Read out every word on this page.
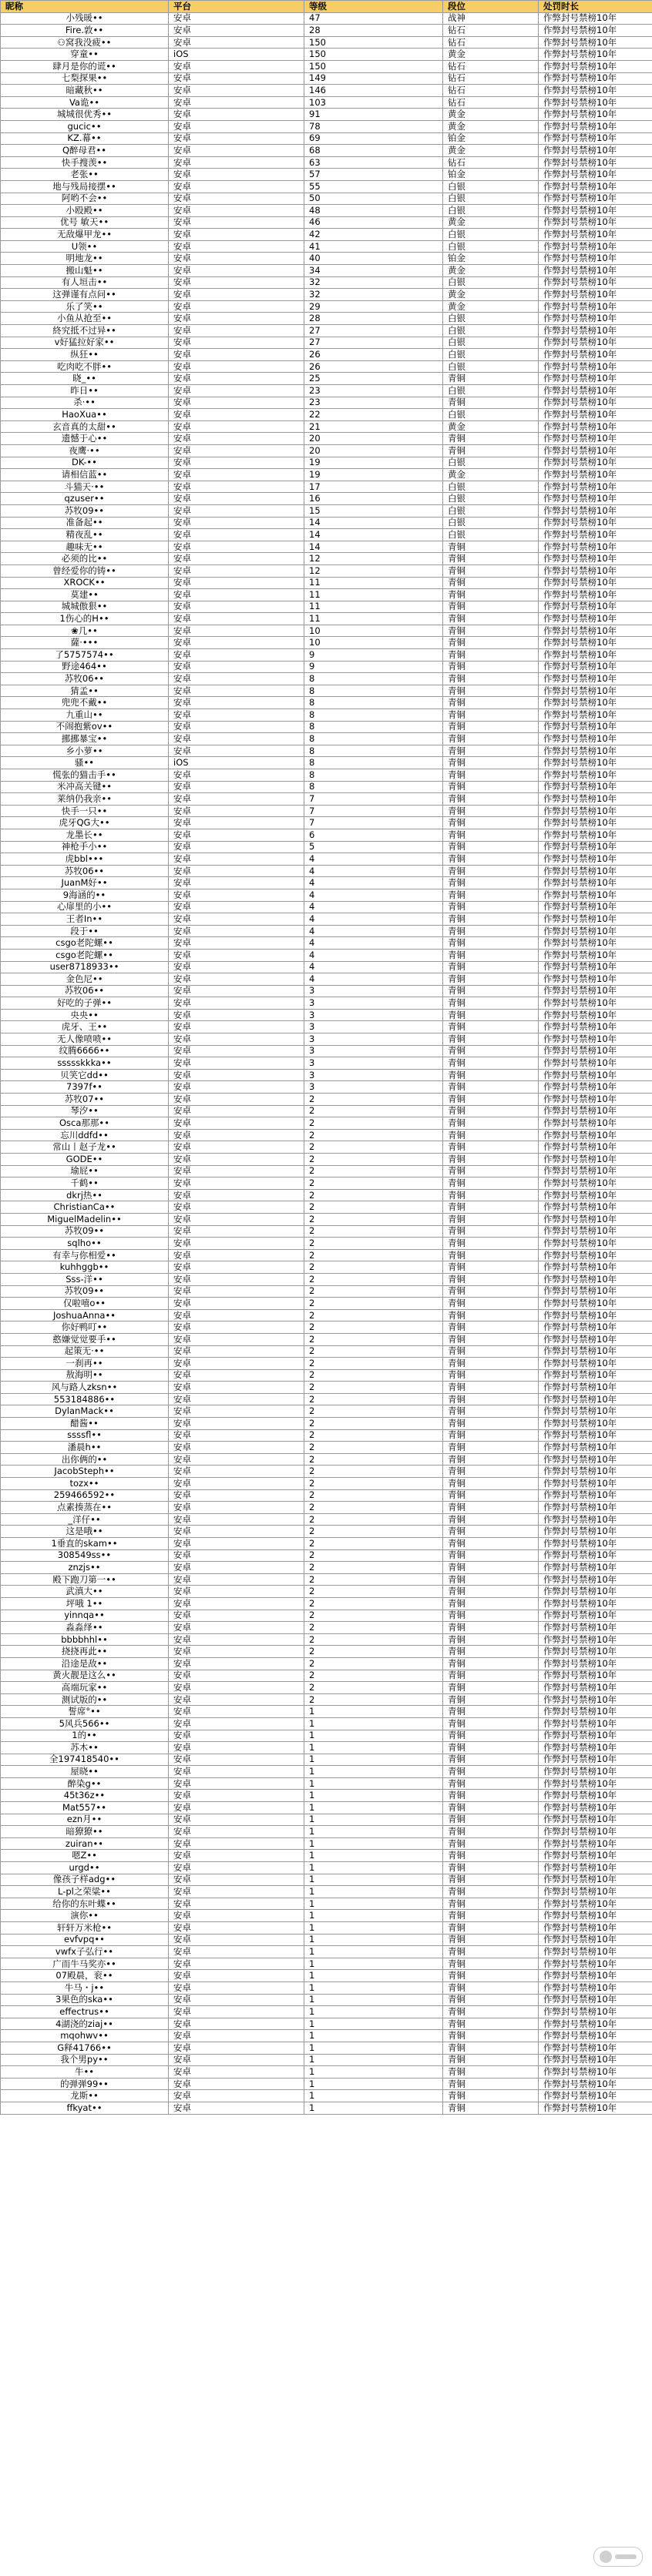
昵称	平台	等级	段位	处罚时长
小残暖••	安卓	47	战神	作弊封号禁榜10年
Fire.敦••	安卓	28	钻石	作弊封号禁榜10年
⚇窝我没疲••	安卓	150	钻石	作弊封号禁榜10年
穿童••	iOS	150	黄金	作弊封号禁榜10年
肆月是你的谎••	安卓	150	钻石	作弊封号禁榜10年
七梨探果••	安卓	149	钻石	作弊封号禁榜10年
暗藏秋••	安卓	146	钻石	作弊封号禁榜10年
Va诡••	安卓	103	钻石	作弊封号禁榜10年
城城很优秀••	安卓	91	黄金	作弊封号禁榜10年
gucic••	安卓	78	黄金	作弊封号禁榜10年
KZ.幕••	安卓	69	铂金	作弊封号禁榜10年
Q醉母君••	安卓	68	黄金	作弊封号禁榜10年
快手搜羡••	安卓	63	钻石	作弊封号禁榜10年
老张••	安卓	57	铂金	作弊封号禁榜10年
地与残局接摆••	安卓	55	白银	作弊封号禁榜10年
阿哟不会••	安卓	50	白银	作弊封号禁榜10年
小殴殿••	安卓	48	白银	作弊封号禁榜10年
优号 敏天••	安卓	46	黄金	作弊封号禁榜10年
无敌爆甲龙••	安卓	42	白银	作弊封号禁榜10年
U领••	安卓	41	白银	作弊封号禁榜10年
明地龙••	安卓	40	铂金	作弊封号禁榜10年
搬山魁••	安卓	34	黄金	作弊封号禁榜10年
有人垣击••	安卓	32	白银	作弊封号禁榜10年
这弹谨有点问••	安卓	32	黄金	作弊封号禁榜10年
乐了笑••	安卓	29	黄金	作弊封号禁榜10年
小鱼从抢至••	安卓	28	白银	作弊封号禁榜10年
終究抵不过异••	安卓	27	白银	作弊封号禁榜10年
v好猛拉好家••	安卓	27	白银	作弊封号禁榜10年
纵狂••	安卓	26	白银	作弊封号禁榜10年
吃肉吃不胖••	安卓	26	白银	作弊封号禁榜10年
晓_••	安卓	25	青铜	作弊封号禁榜10年
昨日••	安卓	23	白银	作弊封号禁榜10年
杀·••	安卓	23	青铜	作弊封号禁榜10年
HaoXua••	安卓	22	白银	作弊封号禁榜10年
玄音真的太甜••	安卓	21	黄金	作弊封号禁榜10年
遗憾于心••	安卓	20	青铜	作弊封号禁榜10年
夜鹰·••	安卓	20	青铜	作弊封号禁榜10年
DK-••	安卓	19	白银	作弊封号禁榜10年
请相信蓝••	安卓	19	黄金	作弊封号禁榜10年
斗猫天·••	安卓	17	白银	作弊封号禁榜10年
qzuser••	安卓	16	白银	作弊封号禁榜10年
苏牧09••	安卓	15	白银	作弊封号禁榜10年
准备起••	安卓	14	白银	作弊封号禁榜10年
精夜乱••	安卓	14	白银	作弊封号禁榜10年
趣味无••	安卓	14	青铜	作弊封号禁榜10年
必须的比••	安卓	12	青铜	作弊封号禁榜10年
曾经爱你的铸••	安卓	12	青铜	作弊封号禁榜10年
XROCK••	安卓	11	青铜	作弊封号禁榜10年
莫建••	安卓	11	青铜	作弊封号禁榜10年
城城傲狠••	安卓	11	青铜	作弊封号禁榜10年
1伤心的H••	安卓	11	青铜	作弊封号禁榜10年
❀几••	安卓	10	青铜	作弊封号禁榜10年
薩·•••	安卓	10	青铜	作弊封号禁榜10年
了5757574••	安卓	9	青铜	作弊封号禁榜10年
野途464••	安卓	9	青铜	作弊封号禁榜10年
苏牧06••	安卓	8	青铜	作弊封号禁榜10年
猜孟••	安卓	8	青铜	作弊封号禁榜10年
兜兜不戴••	安卓	8	青铜	作弊封号禁榜10年
九重山••	安卓	8	青铜	作弊封号禁榜10年
不闹抱紫ov••	安卓	8	青铜	作弊封号禁榜10年
挪挪暴宝••	安卓	8	青铜	作弊封号禁榜10年
乡小萝••	安卓	8	青铜	作弊封号禁榜10年
骚••	iOS	8	青铜	作弊封号禁榜10年
慌张的猫击手••	安卓	8	青铜	作弊封号禁榜10年
米冲高关键••	安卓	8	青铜	作弊封号禁榜10年
莱纳仍我亲••	安卓	7	青铜	作弊封号禁榜10年
快手一只••	安卓	7	青铜	作弊封号禁榜10年
虎牙QG大••	安卓	7	青铜	作弊封号禁榜10年
龙墨长••	安卓	6	青铜	作弊封号禁榜10年
神枪手小••	安卓	5	青铜	作弊封号禁榜10年
虎bbl•••	安卓	4	青铜	作弊封号禁榜10年
苏牧06••	安卓	4	青铜	作弊封号禁榜10年
JuanM好••	安卓	4	青铜	作弊封号禁榜10年
9海涵的••	安卓	4	青铜	作弊封号禁榜10年
心扉里的小••	安卓	4	青铜	作弊封号禁榜10年
王者In••	安卓	4	青铜	作弊封号禁榜10年
段于••	安卓	4	青铜	作弊封号禁榜10年
csgo老陀螺••	安卓	4	青铜	作弊封号禁榜10年
csgo老陀螺••	安卓	4	青铜	作弊封号禁榜10年
user8718933••	安卓	4	青铜	作弊封号禁榜10年
金色尼••	安卓	4	青铜	作弊封号禁榜10年
苏牧06••	安卓	3	青铜	作弊封号禁榜10年
好吃的子弹••	安卓	3	青铜	作弊封号禁榜10年
央央••	安卓	3	青铜	作弊封号禁榜10年
虎牙、王••	安卓	3	青铜	作弊封号禁榜10年
无人像喷喷••	安卓	3	青铜	作弊封号禁榜10年
纹腾6666••	安卓	3	青铜	作弊封号禁榜10年
ssssskkka••	安卓	3	青铜	作弊封号禁榜10年
贝笑它dd••	安卓	3	青铜	作弊封号禁榜10年
7397f••	安卓	3	青铜	作弊封号禁榜10年
苏牧07••	安卓	2	青铜	作弊封号禁榜10年
琴汐••	安卓	2	青铜	作弊封号禁榜10年
Osca那那••	安卓	2	青铜	作弊封号禁榜10年
忘川ddfd••	安卓	2	青铜	作弊封号禁榜10年
常山丨赵子龙••	安卓	2	青铜	作弊封号禁榜10年
GODE••	安卓	2	青铜	作弊封号禁榜10年
瑜屁••	安卓	2	青铜	作弊封号禁榜10年
千鹤••	安卓	2	青铜	作弊封号禁榜10年
dkrj热••	安卓	2	青铜	作弊封号禁榜10年
ChristianCa••	安卓	2	青铜	作弊封号禁榜10年
MiguelMadelin••	安卓	2	青铜	作弊封号禁榜10年
苏牧09••	安卓	2	青铜	作弊封号禁榜10年
sqlho••	安卓	2	青铜	作弊封号禁榜10年
有幸与你相爱••	安卓	2	青铜	作弊封号禁榜10年
kuhhggb••	安卓	2	青铜	作弊封号禁榜10年
Sss-洋••	安卓	2	青铜	作弊封号禁榜10年
苏牧09••	安卓	2	青铜	作弊封号禁榜10年
仅啦嘻o••	安卓	2	青铜	作弊封号禁榜10年
JoshuaAnna••	安卓	2	青铜	作弊封号禁榜10年
你好鸭叮••	安卓	2	青铜	作弊封号禁榜10年
憨嫌觉觉要手••	安卓	2	青铜	作弊封号禁榜10年
起策无·••	安卓	2	青铜	作弊封号禁榜10年
一刹再••	安卓	2	青铜	作弊封号禁榜10年
敖海明••	安卓	2	青铜	作弊封号禁榜10年
风与路人zksn••	安卓	2	青铜	作弊封号禁榜10年
553184886••	安卓	2	青铜	作弊封号禁榜10年
DylanMack••	安卓	2	青铜	作弊封号禁榜10年
醋酱••	安卓	2	青铜	作弊封号禁榜10年
ssssfl••	安卓	2	青铜	作弊封号禁榜10年
潘晨h••	安卓	2	青铜	作弊封号禁榜10年
出你俩的••	安卓	2	青铜	作弊封号禁榜10年
JacobSteph••	安卓	2	青铜	作弊封号禁榜10年
tozx••	安卓	2	青铜	作弊封号禁榜10年
259466592••	安卓	2	青铜	作弊封号禁榜10年
点素揍蒸在••	安卓	2	青铜	作弊封号禁榜10年
_洋仔••	安卓	2	青铜	作弊封号禁榜10年
这是哦••	安卓	2	青铜	作弊封号禁榜10年
1垂直的skam••	安卓	2	青铜	作弊封号禁榜10年
308549ss••	安卓	2	青铜	作弊封号禁榜10年
znzjs••	安卓	2	青铜	作弊封号禁榜10年
殿下跑刀第一••	安卓	2	青铜	作弊封号禁榜10年
武滇大••	安卓	2	青铜	作弊封号禁榜10年
坪哦 1••	安卓	2	青铜	作弊封号禁榜10年
yinnqa••	安卓	2	青铜	作弊封号禁榜10年
淼淼绎••	安卓	2	青铜	作弊封号禁榜10年
bbbbhhl••	安卓	2	青铜	作弊封号禁榜10年
挠挠再此••	安卓	2	青铜	作弊封号禁榜10年
沿途是敌••	安卓	2	青铜	作弊封号禁榜10年
黄火靓是这么••	安卓	2	青铜	作弊封号禁榜10年
高端玩家••	安卓	2	青铜	作弊封号禁榜10年
测试版的••	安卓	2	青铜	作弊封号禁榜10年
誓席°••	安卓	1	青铜	作弊封号禁榜10年
5风兵566••	安卓	1	青铜	作弊封号禁榜10年
1的••	安卓	1	青铜	作弊封号禁榜10年
苏木••	安卓	1	青铜	作弊封号禁榜10年
全197418540••	安卓	1	青铜	作弊封号禁榜10年
屋晓••	安卓	1	青铜	作弊封号禁榜10年
醉染g••	安卓	1	青铜	作弊封号禁榜10年
45t36z••	安卓	1	青铜	作弊封号禁榜10年
Mat557••	安卓	1	青铜	作弊封号禁榜10年
ezn月••	安卓	1	青铜	作弊封号禁榜10年
暗獠獠••	安卓	1	青铜	作弊封号禁榜10年
zuiran••	安卓	1	青铜	作弊封号禁榜10年
嗯Z••	安卓	1	青铜	作弊封号禁榜10年
urgd••	安卓	1	青铜	作弊封号禁榜10年
像孩子样adg••	安卓	1	青铜	作弊封号禁榜10年
L-pl之荣粱••	安卓	1	青铜	作弊封号禁榜10年
给你的东叶蝶••	安卓	1	青铜	作弊封号禁榜10年
演你••	安卓	1	青铜	作弊封号禁榜10年
轩轩万米枪••	安卓	1	青铜	作弊封号禁榜10年
evfvpq••	安卓	1	青铜	作弊封号禁榜10年
vwfx子弘行••	安卓	1	青铜	作弊封号禁榜10年
广而牛马奖亦••	安卓	1	青铜	作弊封号禁榜10年
07殿晨，衮••	安卓	1	青铜	作弊封号禁榜10年
牛马・j••	安卓	1	青铜	作弊封号禁榜10年
3果色的ska••	安卓	1	青铜	作弊封号禁榜10年
effectrus••	安卓	1	青铜	作弊封号禁榜10年
4湖浇的ziaj••	安卓	1	青铜	作弊封号禁榜10年
mqohwv••	安卓	1	青铜	作弊封号禁榜10年
G释41766••	安卓	1	青铜	作弊封号禁榜10年
我个男py••	安卓	1	青铜	作弊封号禁榜10年
牛••	安卓	1	青铜	作弊封号禁榜10年
的弹弹99••	安卓	1	青铜	作弊封号禁榜10年
龙斯••	安卓	1	青铜	作弊封号禁榜10年
ffkyat••	安卓	1	青铜	作弊封号禁榜10年
